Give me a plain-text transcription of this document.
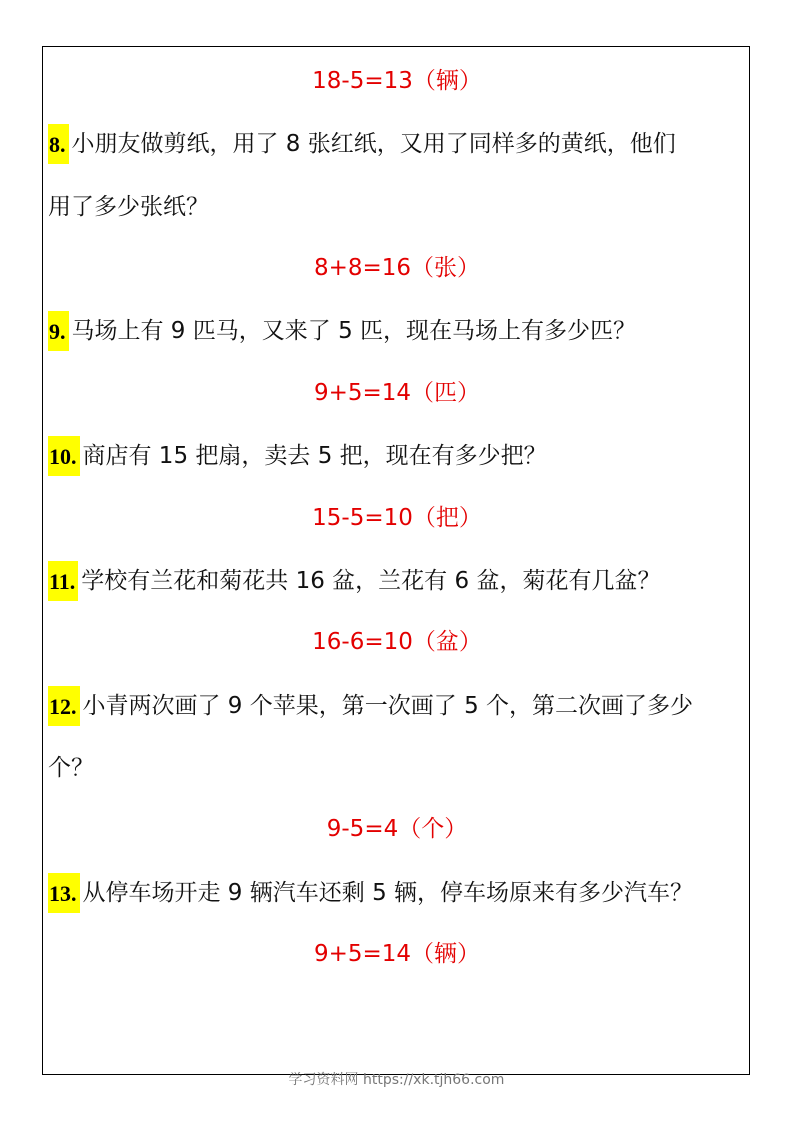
18-5=13（辆）
8. 小朋友做剪纸，用了 8 张红纸，又用了同样多的黄纸，他们
用了多少张纸？
8+8=16（张）
9. 马场上有 9 匹马，又来了 5 匹，现在马场上有多少匹？
9+5=14（匹）
10. 商店有 15 把扇，卖去 5 把，现在有多少把？
15-5=10（把）
11. 学校有兰花和菊花共 16 盆，兰花有 6 盆，菊花有几盆？
16-6=10（盆）
12. 小青两次画了 9 个苹果，第一次画了 5 个，第二次画了多少
个？
9-5=4（个）
13. 从停车场开走 9 辆汽车还剩 5 辆，停车场原来有多少汽车？
9+5=14（辆）
学习资料网 https://xk.tjh66.com
